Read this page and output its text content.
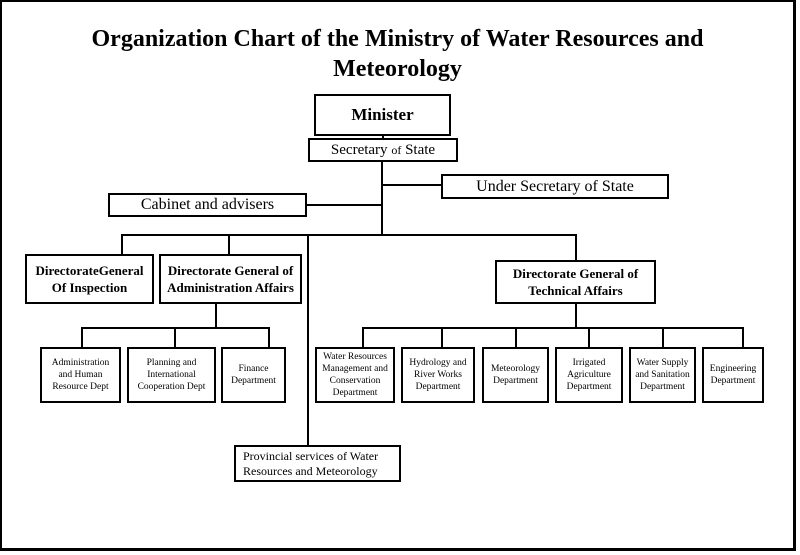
Organization Chart of the Ministry of Water Resources and Meteorology
Minister
Secretary of State
Under Secretary of State
Cabinet and advisers
DirectorateGeneral Of Inspection
Directorate General of Administration Affairs
Directorate General of Technical Affairs
Administration and Human Resource Dept
Planning and International Cooperation Dept
Finance Department
Water Resources Management and Conservation Department
Hydrology and River Works Department
Meteorology Department
Irrigated Agriculture Department
Water Supply and Sanitation Department
Engineering Department
Provincial services of Water Resources and Meteorology
